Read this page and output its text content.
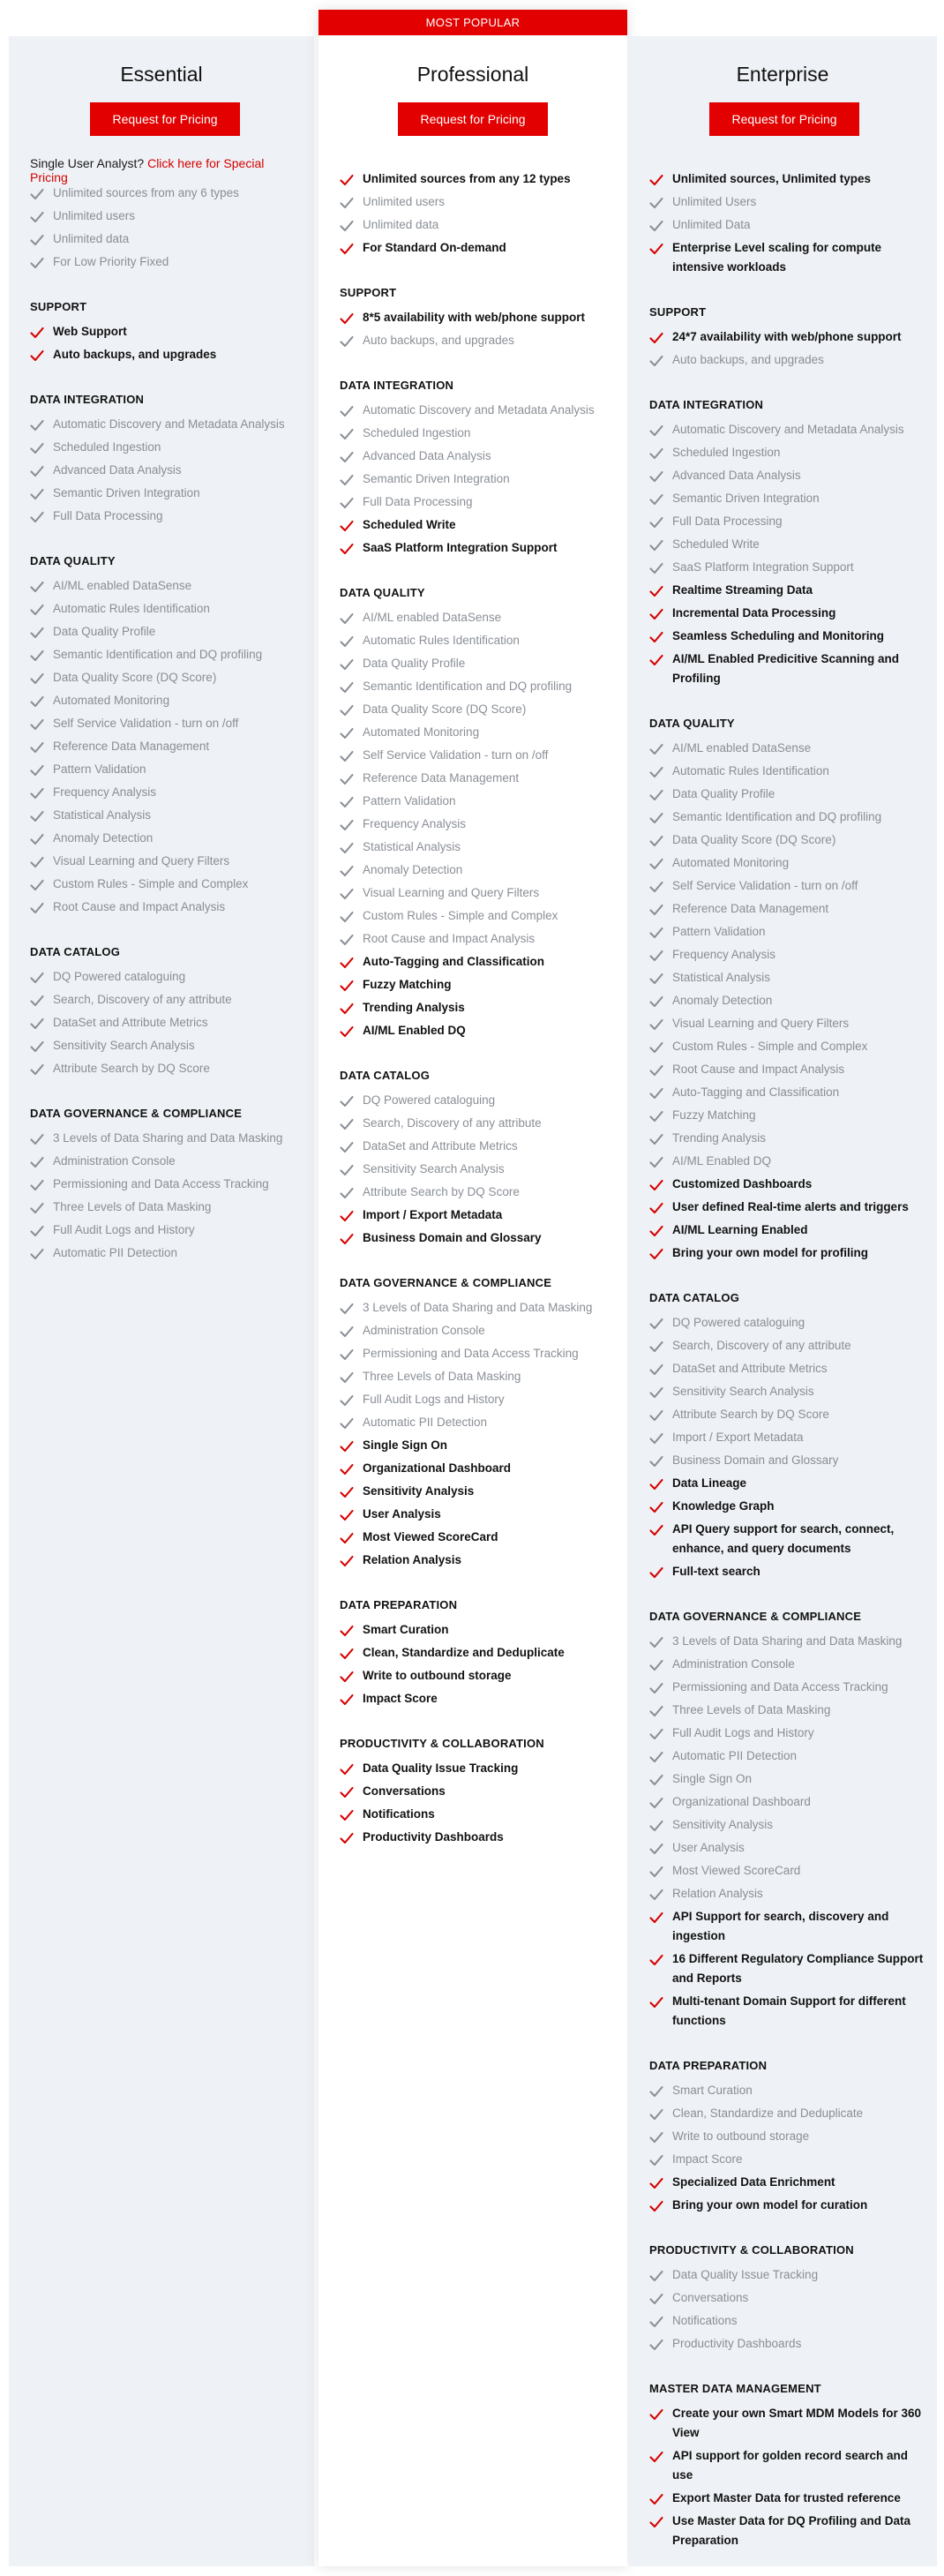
Essential
Request for Pricing
Single User Analyst? Click here for Special Pricing
Unlimited sources from any 6 types
Unlimited users
Unlimited data
For Low Priority Fixed
SUPPORT
Web Support
Auto backups, and upgrades
DATA INTEGRATION
Automatic Discovery and Metadata Analysis
Scheduled Ingestion
Advanced Data Analysis
Semantic Driven Integration
Full Data Processing
DATA QUALITY
AI/ML enabled DataSense
Automatic Rules Identification
Data Quality Profile
Semantic Identification and DQ profiling
Data Quality Score (DQ Score)
Automated Monitoring
Self Service Validation - turn on /off
Reference Data Management
Pattern Validation
Frequency Analysis
Statistical Analysis
Anomaly Detection
Visual Learning and Query Filters
Custom Rules - Simple and Complex
Root Cause and Impact Analysis
DATA CATALOG
DQ Powered cataloguing
Search, Discovery of any attribute
DataSet and Attribute Metrics
Sensitivity Search Analysis
Attribute Search by DQ Score
DATA GOVERNANCE & COMPLIANCE
3 Levels of Data Sharing and Data Masking
Administration Console
Permissioning and Data Access Tracking
Three Levels of Data Masking
Full Audit Logs and History
Automatic PII Detection
MOST POPULAR
Professional
Request for Pricing
Unlimited sources from any 12 types
Unlimited users
Unlimited data
For Standard On-demand
SUPPORT
8*5 availability with web/phone support
Auto backups, and upgrades
DATA INTEGRATION
Automatic Discovery and Metadata Analysis
Scheduled Ingestion
Advanced Data Analysis
Semantic Driven Integration
Full Data Processing
Scheduled Write
SaaS Platform Integration Support
DATA QUALITY
AI/ML enabled DataSense
Automatic Rules Identification
Data Quality Profile
Semantic Identification and DQ profiling
Data Quality Score (DQ Score)
Automated Monitoring
Self Service Validation - turn on /off
Reference Data Management
Pattern Validation
Frequency Analysis
Statistical Analysis
Anomaly Detection
Visual Learning and Query Filters
Custom Rules - Simple and Complex
Root Cause and Impact Analysis
Auto-Tagging and Classification
Fuzzy Matching
Trending Analysis
AI/ML Enabled DQ
DATA CATALOG
DQ Powered cataloguing
Search, Discovery of any attribute
DataSet and Attribute Metrics
Sensitivity Search Analysis
Attribute Search by DQ Score
Import / Export Metadata
Business Domain and Glossary
DATA GOVERNANCE & COMPLIANCE
3 Levels of Data Sharing and Data Masking
Administration Console
Permissioning and Data Access Tracking
Three Levels of Data Masking
Full Audit Logs and History
Automatic PII Detection
Single Sign On
Organizational Dashboard
Sensitivity Analysis
User Analysis
Most Viewed ScoreCard
Relation Analysis
DATA PREPARATION
Smart Curation
Clean, Standardize and Deduplicate
Write to outbound storage
Impact Score
PRODUCTIVITY & COLLABORATION
Data Quality Issue Tracking
Conversations
Notifications
Productivity Dashboards
Enterprise
Request for Pricing
Unlimited sources, Unlimited types
Unlimited Users
Unlimited Data
Enterprise Level scaling for compute intensive workloads
SUPPORT
24*7 availability with web/phone support
Auto backups, and upgrades
DATA INTEGRATION
Automatic Discovery and Metadata Analysis
Scheduled Ingestion
Advanced Data Analysis
Semantic Driven Integration
Full Data Processing
Scheduled Write
SaaS Platform Integration Support
Realtime Streaming Data
Incremental Data Processing
Seamless Scheduling and Monitoring
AI/ML Enabled Predicitive Scanning and Profiling
DATA QUALITY
AI/ML enabled DataSense
Automatic Rules Identification
Data Quality Profile
Semantic Identification and DQ profiling
Data Quality Score (DQ Score)
Automated Monitoring
Self Service Validation - turn on /off
Reference Data Management
Pattern Validation
Frequency Analysis
Statistical Analysis
Anomaly Detection
Visual Learning and Query Filters
Custom Rules - Simple and Complex
Root Cause and Impact Analysis
Auto-Tagging and Classification
Fuzzy Matching
Trending Analysis
AI/ML Enabled DQ
Customized Dashboards
User defined Real-time alerts and triggers
AI/ML Learning Enabled
Bring your own model for profiling
DATA CATALOG
DQ Powered cataloguing
Search, Discovery of any attribute
DataSet and Attribute Metrics
Sensitivity Search Analysis
Attribute Search by DQ Score
Import / Export Metadata
Business Domain and Glossary
Data Lineage
Knowledge Graph
API Query support for search, connect, enhance, and query documents
Full-text search
DATA GOVERNANCE & COMPLIANCE
3 Levels of Data Sharing and Data Masking
Administration Console
Permissioning and Data Access Tracking
Three Levels of Data Masking
Full Audit Logs and History
Automatic PII Detection
Single Sign On
Organizational Dashboard
Sensitivity Analysis
User Analysis
Most Viewed ScoreCard
Relation Analysis
API Support for search, discovery and ingestion
16 Different Regulatory Compliance Support and Reports
Multi-tenant Domain Support for different functions
DATA PREPARATION
Smart Curation
Clean, Standardize and Deduplicate
Write to outbound storage
Impact Score
Specialized Data Enrichment
Bring your own model for curation
PRODUCTIVITY & COLLABORATION
Data Quality Issue Tracking
Conversations
Notifications
Productivity Dashboards
MASTER DATA MANAGEMENT
Create your own Smart MDM Models for 360 View
API support for golden record search and use
Export Master Data for trusted reference
Use Master Data for DQ Profiling and Data Preparation
